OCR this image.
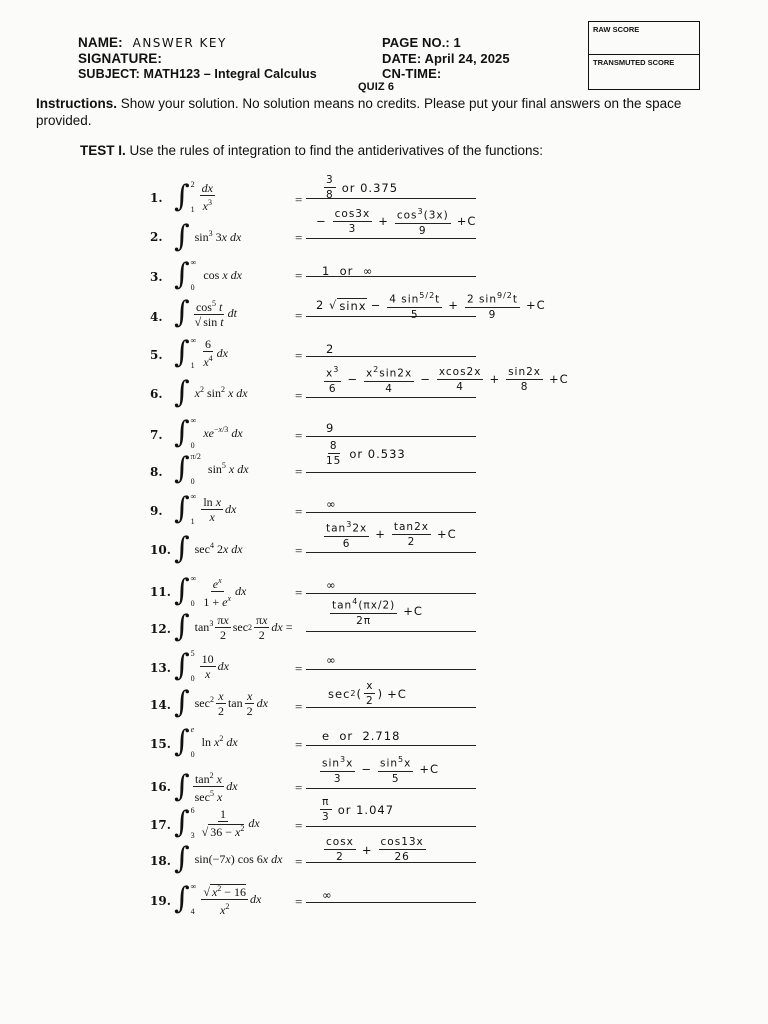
NAME: ANSWER KEY
SIGNATURE:
SUBJECT: MATH123 – Integral Calculus
PAGE NO.: 1
DATE: April 24, 2025
CN-TIME:
QUIZ 6
RAW SCORE
TRANSMUTED SCORE
Instructions. Show your solution. No solution means no credits. Please put your final answers on the space provided.
TEST I. Use the rules of integration to find the antiderivatives of the functions:
1. ∫ 2
$1 \frac{dx}{x^3}$	= $\frac{3}{8}$ or 0.375
2. ∫ $\sin^3 3x$ dx	=
− $\frac{\cos 3x}{3} + \frac{\cos^3(3x)}{9} +C$
3. ∫ ∞
0
cos x dx	= 1  or  ∞
4. ∫ $\frac{\cos^5 t}{\text{√ sin t}}$ dt	=
2 √ $\sin x - \frac{4 \sin^{5/2}t}{5} + \frac{2 \sin^{9/2}t}{9} +C$
5. ∫ ∞
$1 \frac{6}{x^4}$ dx	= 2
6. ∫ $x^2$ $\sin^2 x$ dx	=
$\frac{x^3}{6} - \frac{x^2\sin 2x}{4} - \frac{xcos2x}{4} + \frac{\sin 2x}{8} +C$
7. ∫ ∞
0
$xe^{-x/3}$ dx	= 9
8. ∫ π/2
0
$\sin^5 x$ dx	=
$\frac{8}{15}$ or 0.533
9. ∫ ∞
$1 \frac{\text{ln x}}{x}$ dx	= ∞
10. ∫ $\sec^4 2x$ dx	=
$\frac{\tan^32x}{6} + \frac{\tan 2x}{2} +C$
11. ∫ ∞
$0 \frac{e^x}{1 + e^x}$ dx	= ∞
12. ∫ $\tan^3 \frac{\pi x}{2}$ $\sec 2 \frac{\pi x}{2}$ dx =	$\frac{\tan^4(\pi x/2)}{2\pi} +C$
13. ∫ 5
$0 \frac{10}{x}$ dx	=
∞
14. ∫ $\sec^2 \frac{x}{2}$ $\tan \frac{x}{2}$ dx =
sec 2 ( $\frac{x}{2}$ ) +C
15. ∫ e
0
$\ln x^2$ dx	=
e  or  2.718
16. ∫ $\frac{\tan^2 x}{\sec^5 x}$ dx	=
$\frac{\sin^3x}{3} - \frac{\sin^5x}{5} +C$
17. ∫ 6
$3 \frac{1}{√ 36 - x^2}$ dx	=
$\frac{\pi}{3}$ or 1.047
18. ∫ sin(−7x) cos 6x dx = $\frac{\cos x}{2} + \frac{\cos 13x}{26}$
19. ∫ ∞
$4 \frac{√ x^2 - 16}{x^2}$ dx	= ∞
